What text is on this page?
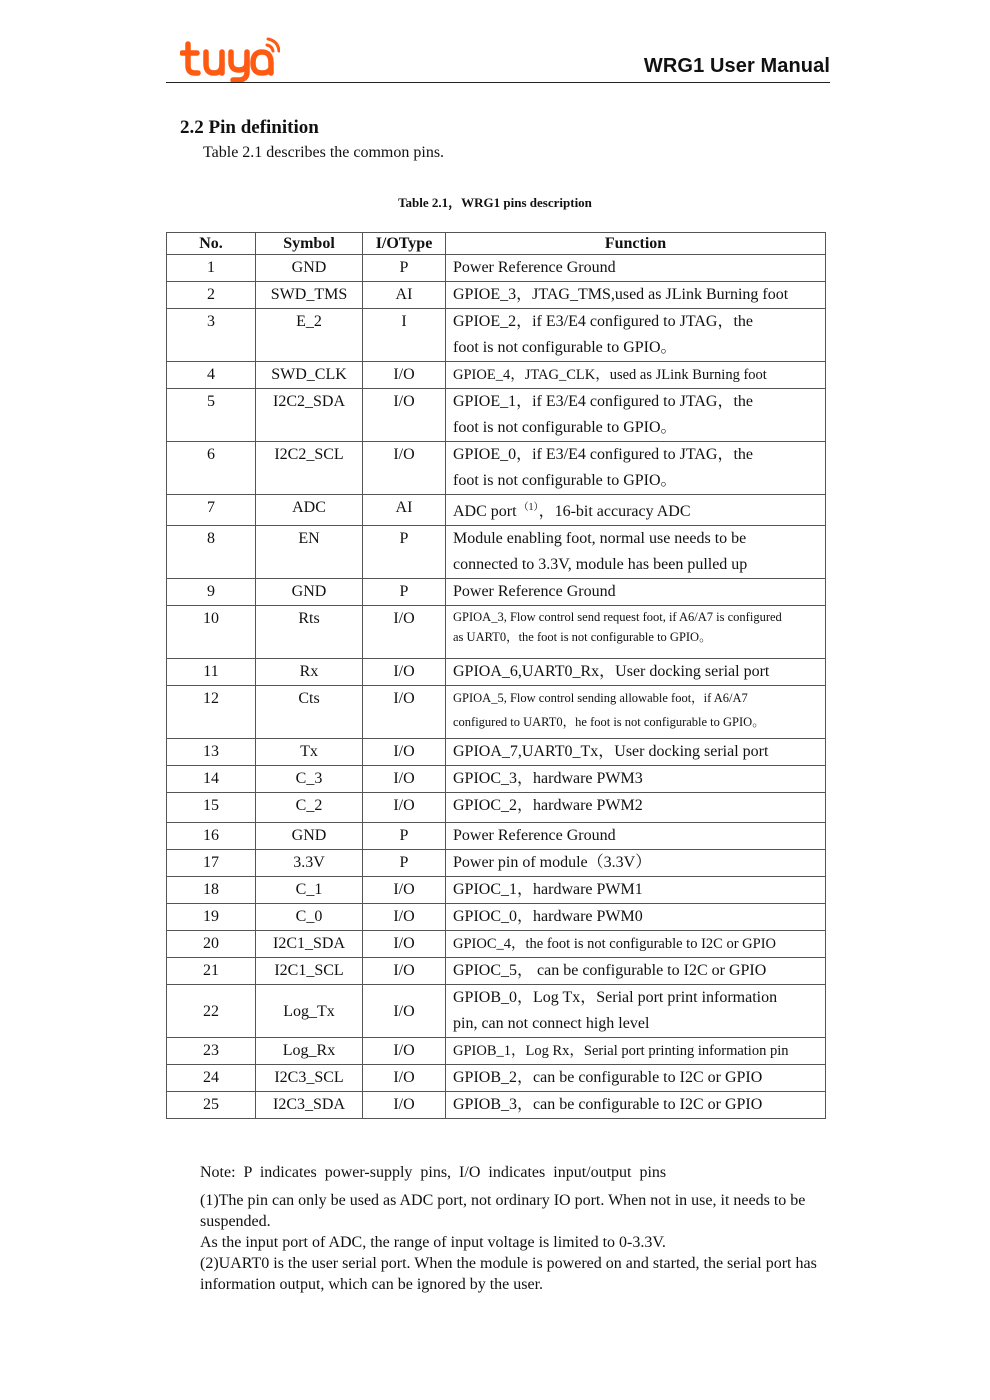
WRG1 User Manual
2.2 Pin definition
Table 2.1 describes the common pins.
Table 2.1，WRG1 pins description
No.	Symbol	I/OType	Function

1	GND	P	Power Reference Ground

2	SWD_TMS	AI	GPIOE_3，JTAG_TMS,used as JLink Burning foot

3	E_2	I	GPIOE_2，if E3/E4 configured to JTAG，the
foot is not configurable to GPIO。

4	SWD_CLK	I/O	GPIOE_4，JTAG_CLK，used as JLink Burning foot

5	I2C2_SDA	I/O	GPIOE_1，if E3/E4 configured to JTAG，the
foot is not configurable to GPIO。

6	I2C2_SCL	I/O	GPIOE_0，if E3/E4 configured to JTAG，the
foot is not configurable to GPIO。

7	ADC	AI	ADC port $^{(1)}$，16-bit accuracy ADC

8	EN	P	Module enabling foot, normal use needs to be
connected to 3.3V, module has been pulled up

9	GND	P	Power Reference Ground

10	Rts	I/O	GPIOA_3, Flow control send request foot, if A6/A7 is configured
as UART0，the foot is not configurable to GPIO。

11	Rx	I/O	GPIOA_6,UART0_Rx，User docking serial port

12	Cts	I/O	GPIOA_5, Flow control sending allowable foot，if A6/A7
configured to UART0，he foot is not configurable to GPIO。

13	Tx	I/O	GPIOA_7,UART0_Tx，User docking serial port

14	C_3	I/O	GPIOC_3，hardware PWM3

15	C_2	I/O	GPIOC_2，hardware PWM2

16	GND	P	Power Reference Ground

17	3.3V	P	Power pin of module（3.3V）

18	C_1	I/O	GPIOC_1，hardware PWM1

19	C_0	I/O	GPIOC_0，hardware PWM0

20	I2C1_SDA	I/O	GPIOC_4，the foot is not configurable to I2C or GPIO

21	I2C1_SCL	I/O	GPIOC_5， can be configurable to I2C or GPIO

22	Log_Tx	I/O	GPIOB_0，Log Tx，Serial port print information
pin, can not connect high level

23	Log_Rx	I/O	GPIOB_1，Log Rx，Serial port printing information pin

24	I2C3_SCL	I/O	GPIOB_2，can be configurable to I2C or GPIO

25	I2C3_SDA	I/O	GPIOB_3，can be configurable to I2C or GPIO

Note: P indicates power-supply pins, I/O indicates input/output pins

(1)The pin can only be used as ADC port, not ordinary IO port. When not in use, it needs to be suspended.

As the input port of ADC, the range of input voltage is limited to 0-3.3V.

(2)UART0 is the user serial port. When the module is powered on and started, the serial port has information output, which can be ignored by the user.
